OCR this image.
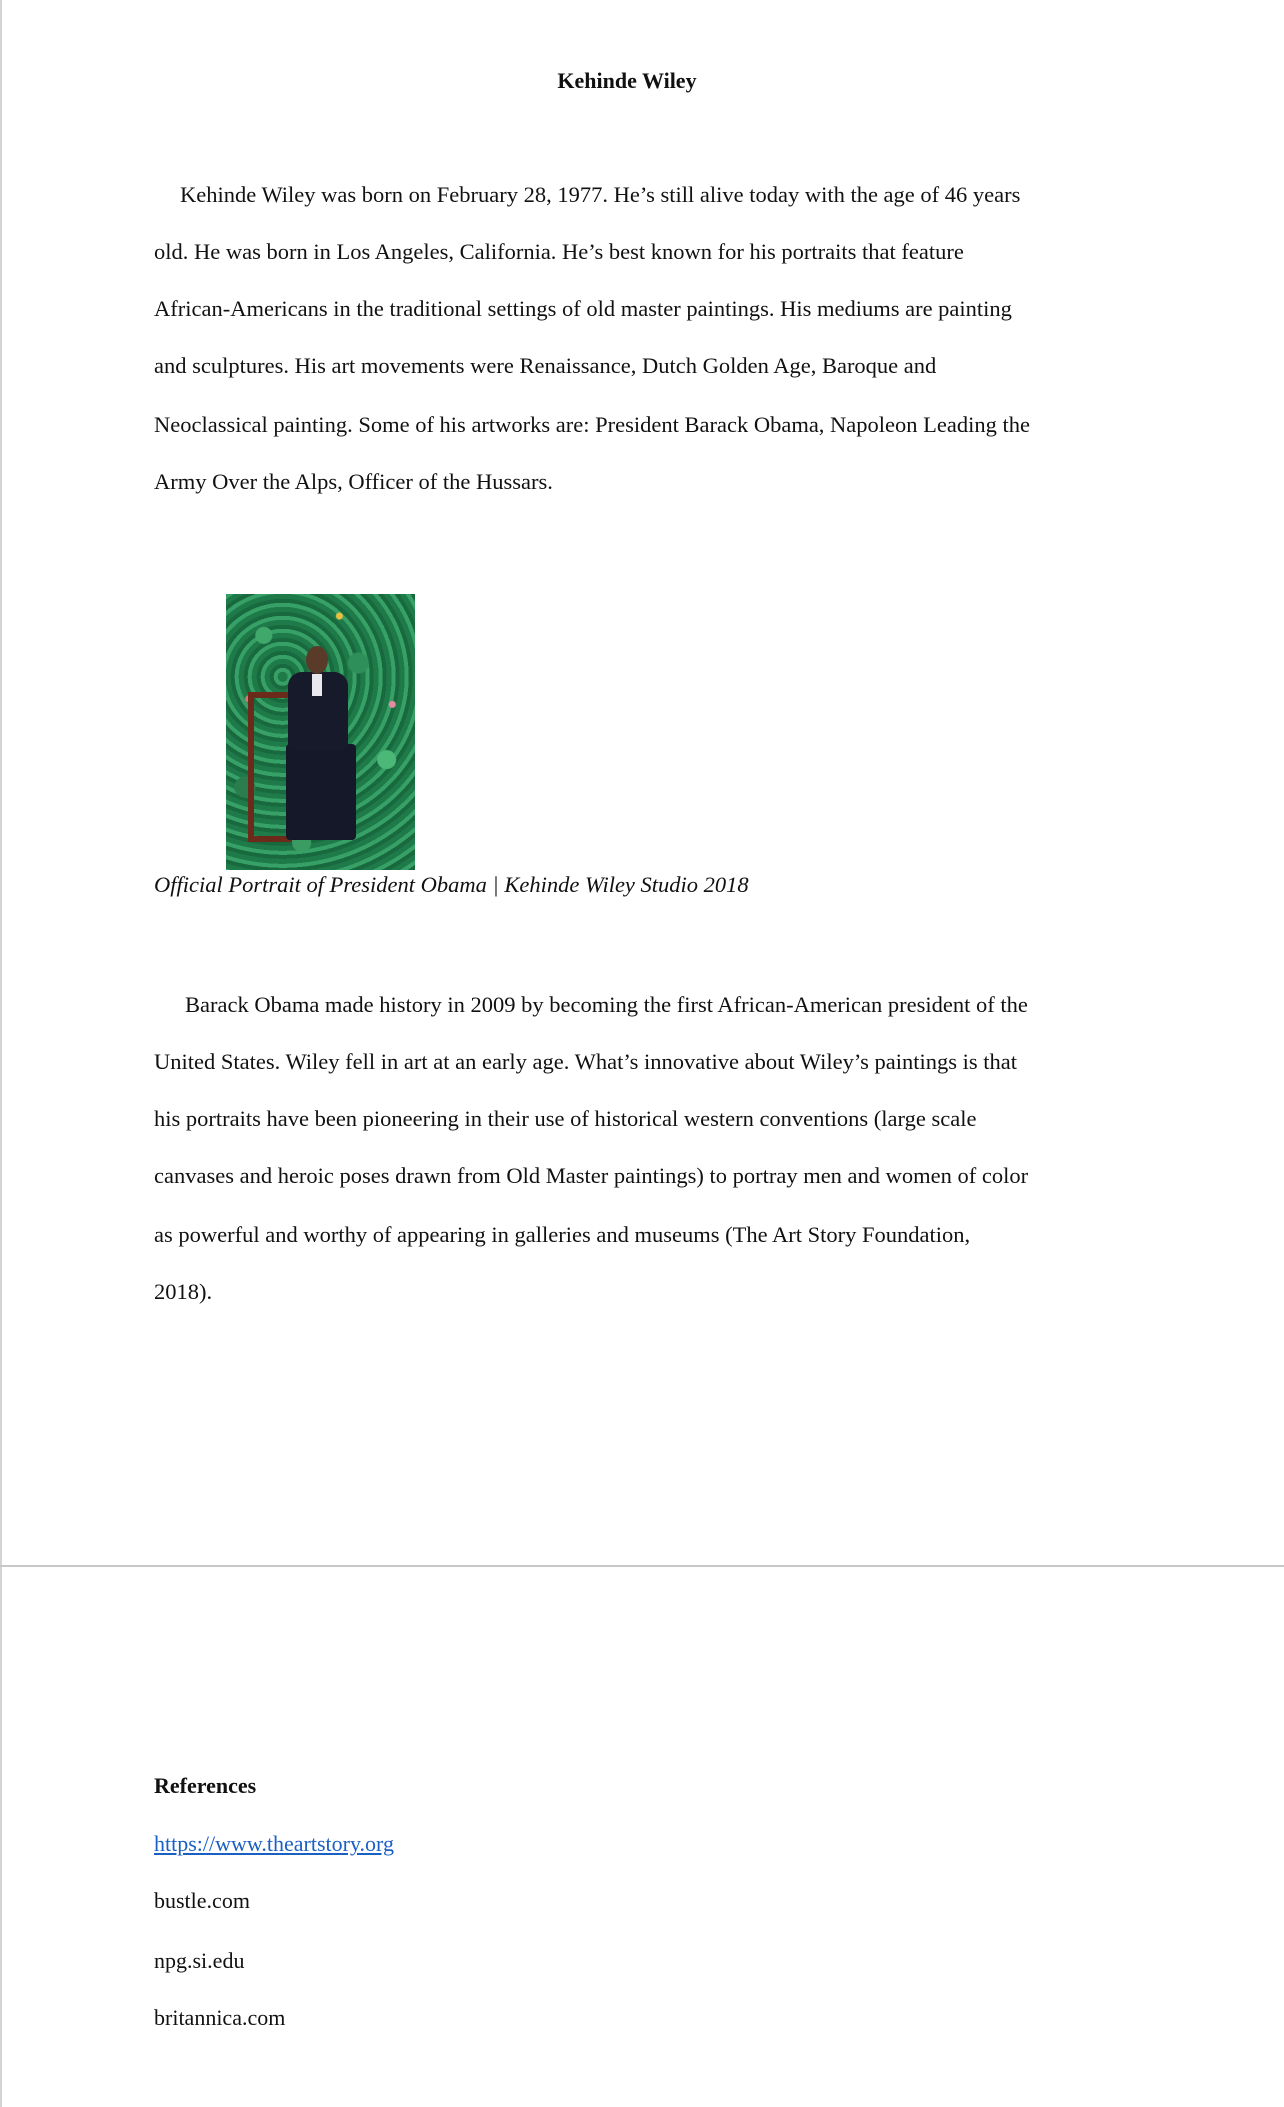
Kehinde Wiley
Kehinde Wiley was born on February 28, 1977. He’s still alive today with the age of 46 years
old. He was born in Los Angeles, California. He’s best known for his portraits that feature
African-Americans in the traditional settings of old master paintings. His mediums are painting
and sculptures. His art movements were Renaissance, Dutch Golden Age, Baroque and
Neoclassical painting. Some of his artworks are: President Barack Obama, Napoleon Leading the
Army Over the Alps, Officer of the Hussars.
Official Portrait of President Obama | Kehinde Wiley Studio 2018
Barack Obama made history in 2009 by becoming the first African-American president of the
United States. Wiley fell in art at an early age. What’s innovative about Wiley’s paintings is that
his portraits have been pioneering in their use of historical western conventions (large scale
canvases and heroic poses drawn from Old Master paintings) to portray men and women of color
as powerful and worthy of appearing in galleries and museums (The Art Story Foundation,
2018).
References
https://www.theartstory.org
bustle.com
npg.si.edu
britannica.com
